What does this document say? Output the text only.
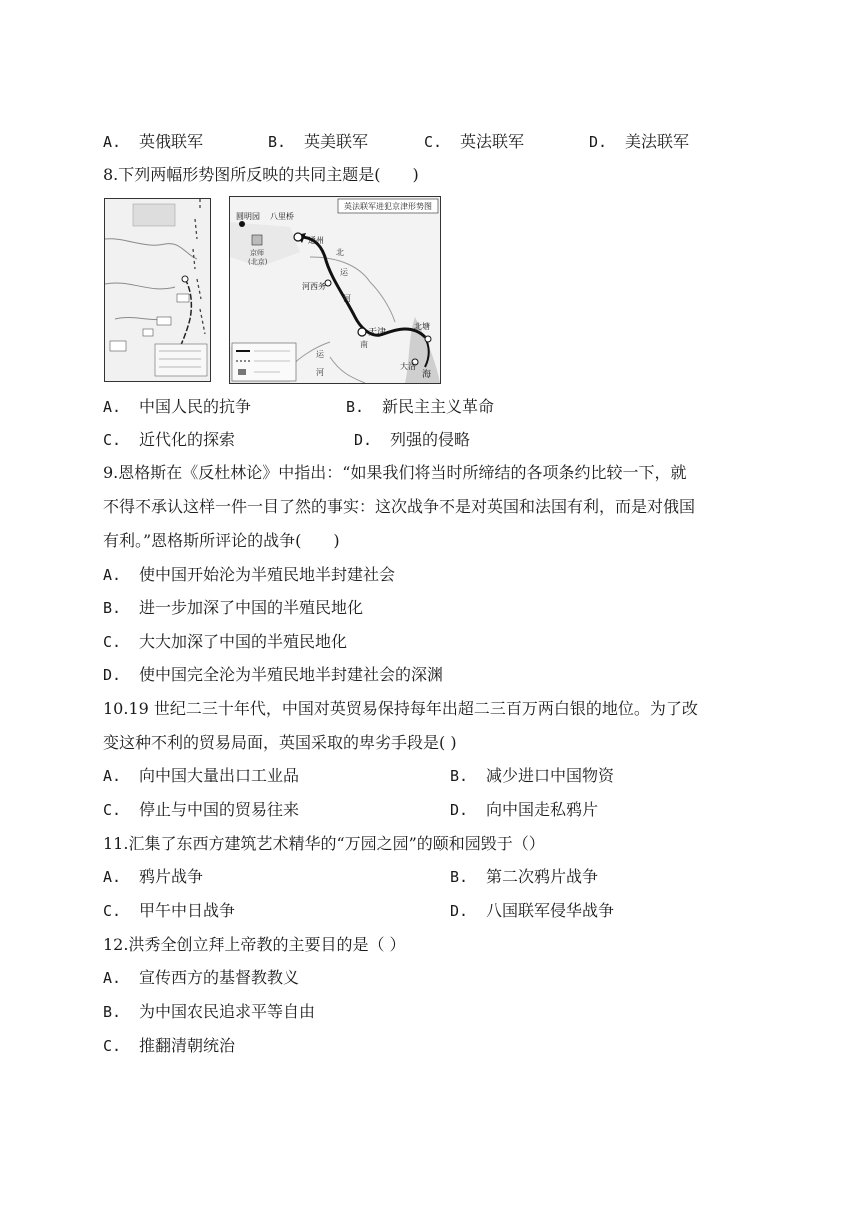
A. 英俄联军	B. 英美联军	C. 英法联军	D. 美法联军
8.下列两幅形势图所反映的共同主题是(　　)
英法联军进犯京津形势图
圆明园 八里桥
通州
京师
(北京)
河西务
天津
大沽
北塘
海
北
运
河
南
运
河
A. 中国人民的抗争	B. 新民主主义革命
C. 近代化的探索	D. 列强的侵略
9.恩格斯在《反杜林论》中指出：“如果我们将当时所缔结的各项条约比较一下，就
不得不承认这样一件一目了然的事实：这次战争不是对英国和法国有利，而是对俄国
有利。”恩格斯所评论的战争(　　)
A. 使中国开始沦为半殖民地半封建社会
B. 进一步加深了中国的半殖民地化
C. 大大加深了中国的半殖民地化
D. 使中国完全沦为半殖民地半封建社会的深渊
10.19 世纪二三十年代，中国对英贸易保持每年出超二三百万两白银的地位。为了改
变这种不利的贸易局面，英国采取的卑劣手段是( )
A. 向中国大量出口工业品	B. 减少进口中国物资
C. 停止与中国的贸易往来	D. 向中国走私鸦片
11.汇集了东西方建筑艺术精华的“万园之园”的颐和园毁于（）
A. 鸦片战争	B. 第二次鸦片战争
C. 甲午中日战争	D. 八国联军侵华战争
12.洪秀全创立拜上帝教的主要目的是（ ）
A. 宣传西方的基督教教义
B. 为中国农民追求平等自由
C. 推翻清朝统治
